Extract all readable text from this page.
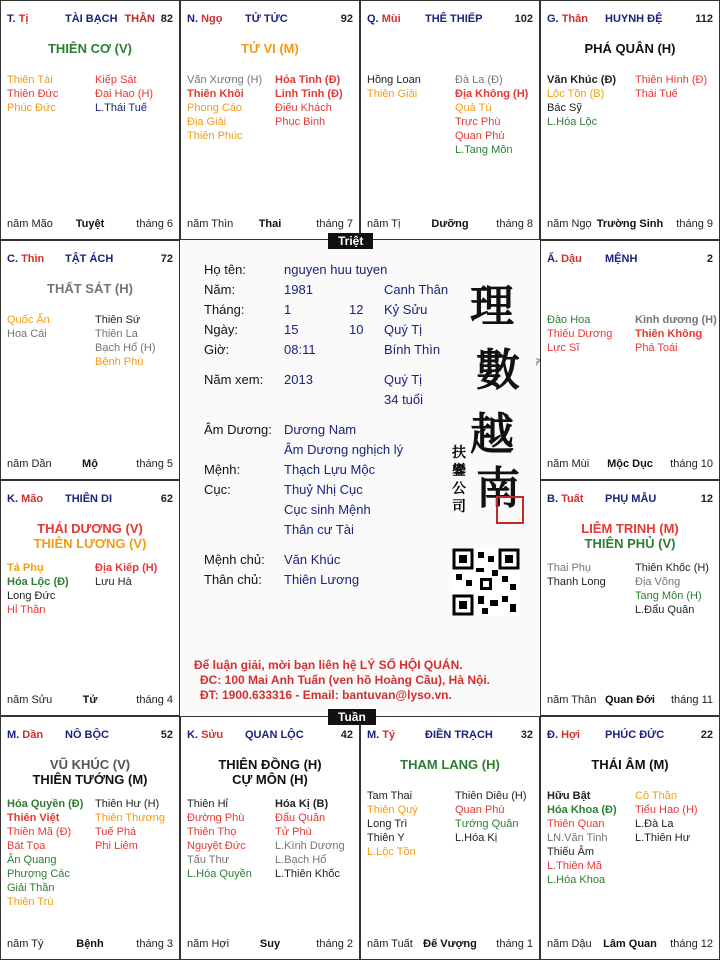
T. Tị	TÀI BẠCH THÂN 82
THIÊN CƠ (V)
Thiên Tài
Thiên Đức
Phúc Đức
Kiếp Sát
Đại Hao (H)
L.Thái Tuế
năm Mão	Tuyệt	tháng 6
N. Ngọ TỬ TỨC	92
TỬ VI (M)
Văn Xương (H)
Thiên Khôi
Phong Cáo
Địa Giải
Thiên Phúc
Hỏa Tinh (Đ)
Linh Tinh (Đ)
Điếu Khách
Phục Binh
năm Thìn	Thai	tháng 7
Q. Mùi THÊ THIẾP	102
Hồng Loan
Thiên Giải
Đà La (Đ)
Địa Không (H)
Quả Tú
Trực Phù
Quan Phù
L.Tang Môn
năm Tị	Dưỡng	tháng 8
G. Thân HUYNH ĐỆ	112
PHÁ QUÂN (H)
Văn Khúc (Đ)
Lộc Tồn (B)
Bác Sỹ
L.Hóa Lộc
Thiên Hình (Đ)
Thái Tuế
năm Ngọ Trường Sinh	tháng 9
C. Thìn TẬT ÁCH	72
THẤT SÁT (H)
Quốc Ấn
Hoa Cái
Thiên Sứ
Thiên La
Bạch Hổ (H)
Bệnh Phù
năm Dần	Mộ	tháng 5
Ấ. Dậu MỆNH	2
Đào Hoa
Thiếu Dương
Lực Sĩ
Kình dương (H)
Thiên Không
Phá Toái
năm Mùi	Mộc Dục	tháng 10
K. Mão THIÊN DI	62
THÁI DƯƠNG (V)
THIÊN LƯƠNG (V)
Tả Phụ
Hóa Lộc (Đ)
Long Đức
Hỉ Thần
Địa Kiếp (H)
Lưu Hà
năm Sửu	Tử	tháng 4
B. Tuất PHỤ MẪU	12
LIÊM TRINH (M)
THIÊN PHỦ (V)
Thai Phụ
Thanh Long
Thiên Khốc (H)
Địa Võng
Tang Môn (H)
L.Đẩu Quân
năm Thân Quan Đới	tháng 11
M. Dần NÔ BỘC	52
VŨ KHÚC (V)
THIÊN TƯỚNG (M)
Hóa Quyền (Đ)
Thiên Việt
Thiên Mã (Đ)
Bát Tọa
Ân Quang
Phượng Các
Giải Thần
Thiên Trù
Thiên Hư (H)
Thiên Thương
Tuế Phá
Phi Liêm
năm Tý	Bệnh	tháng 3
K. Sửu QUAN LỘC	42
THIÊN ĐỒNG (H)
CỰ MÔN (H)
Thiên Hỉ
Đường Phù
Thiên Thọ
Nguyệt Đức
Tấu Thư
L.Hóa Quyền
Hóa Kị (B)
Đẩu Quân
Tử Phù
L.Kình Dương
L.Bạch Hổ
L.Thiên Khốc
năm Hợi	Suy	tháng 2
M. Tý	ĐIỀN TRẠCH	32
THAM LANG (H)
Tam Thai
Thiên Quý
Long Trì
Thiên Y
L.Lộc Tồn
Thiên Diêu (H)
Quan Phù
Tướng Quân
L.Hóa Kị
năm Tuất Đế Vượng	tháng 1
Đ. Hợi PHÚC ĐỨC	22
THÁI ÂM (M)
Hữu Bật
Hóa Khoa (Đ)
Thiên Quan
LN.Văn Tinh
Thiếu Âm
L.Thiên Mã
L.Hóa Khoa
Cô Thần
Tiểu Hao (H)
L.Đà La
L.Thiên Hư
năm Dậu	Lâm Quan	tháng 12
Họ tên:	nguyen huu tuyen
Năm:	1981	Canh Thân
Tháng:	1	12 Kỷ Sửu
Ngày:	15	10 Quý Tị
Giờ:	08:11	Bính Thìn
Năm xem: 2013	Quý Tị
34 tuổi
Âm Dương: Dương Nam
Âm Dương nghịch lý
Mệnh:	Thạch Lựu Mộc
Cục:	Thuỷ Nhị Cục
Cục sinh Mệnh
Thân cư Tài
Mệnh chủ: Văn Khúc
Thân chủ: Thiên Lương
理
數
越
南
扶
鑾
公
司
Để luận giải, mời bạn liên hệ LÝ SỐ HỘI QUÁN.
ĐC: 100 Mai Anh Tuấn (ven hồ Hoàng Cầu), Hà Nội.
ĐT: 1900.633316 - Email: bantuvan@lyso.vn.
Triệt
Tuần
